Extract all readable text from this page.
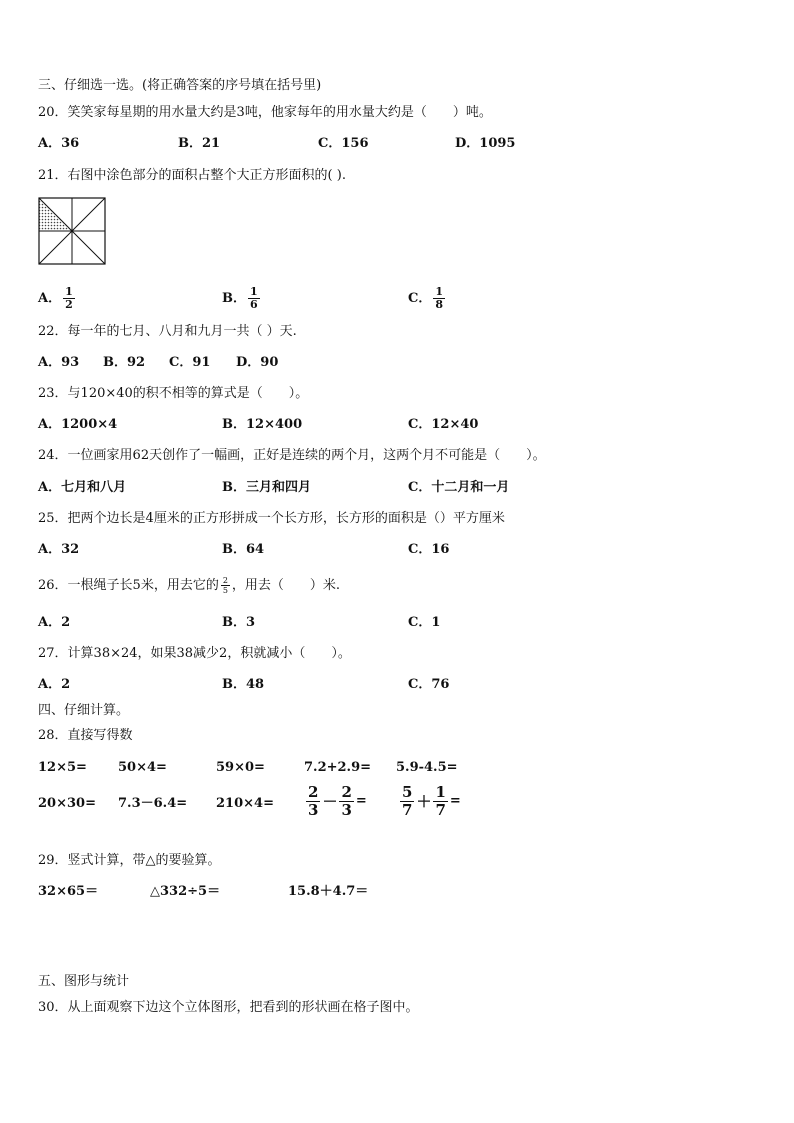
三、仔细选一选。(将正确答案的序号填在括号里)
20．笑笑家每星期的用水量大约是3吨，他家每年的用水量大约是（　　）吨。
A．36	B．21	C．156	D．1095
21．右图中涂色部分的面积占整个大正方形面积的( ).
A． $\frac{1}{2}$	B． $\frac{1}{6}$	C． $\frac{1}{8}$
22．每一年的七月、八月和九月一共（ ）天.
A．93 B．92 C．91 D．90
23．与120×40的积不相等的算式是（　　）。
A．1200×4	B．12×400	C．12×40
24．一位画家用62天创作了一幅画，正好是连续的两个月，这两个月不可能是（　　）。
A．七月和八月	B．三月和四月	C．十二月和一月
25．把两个边长是4厘米的正方形拼成一个长方形，长方形的面积是（）平方厘米
A．32	B．64	C．16
26．一根绳子长5米，用去它的 $\frac{2}{5}$ ，用去（　　）米.
A．2	B．3	C．1
27．计算38×24，如果38减少2，积就减小（　　）。
A．2	B．48	C．76
四、仔细计算。
28．直接写得数
12×5= 50×4=	59×0=	7.2+2.9= 5.9-4.5=
$20\times 30= 7.3-6.4= 210\times 4= \frac{2}{3} - \frac{2}{3} = \frac{5}{7} + \frac{1}{7}$ =
29．竖式计算，带△的要验算。
32×65＝	△332÷5＝	15.8＋4.7＝
五、图形与统计
30．从上面观察下边这个立体图形，把看到的形状画在格子图中。
